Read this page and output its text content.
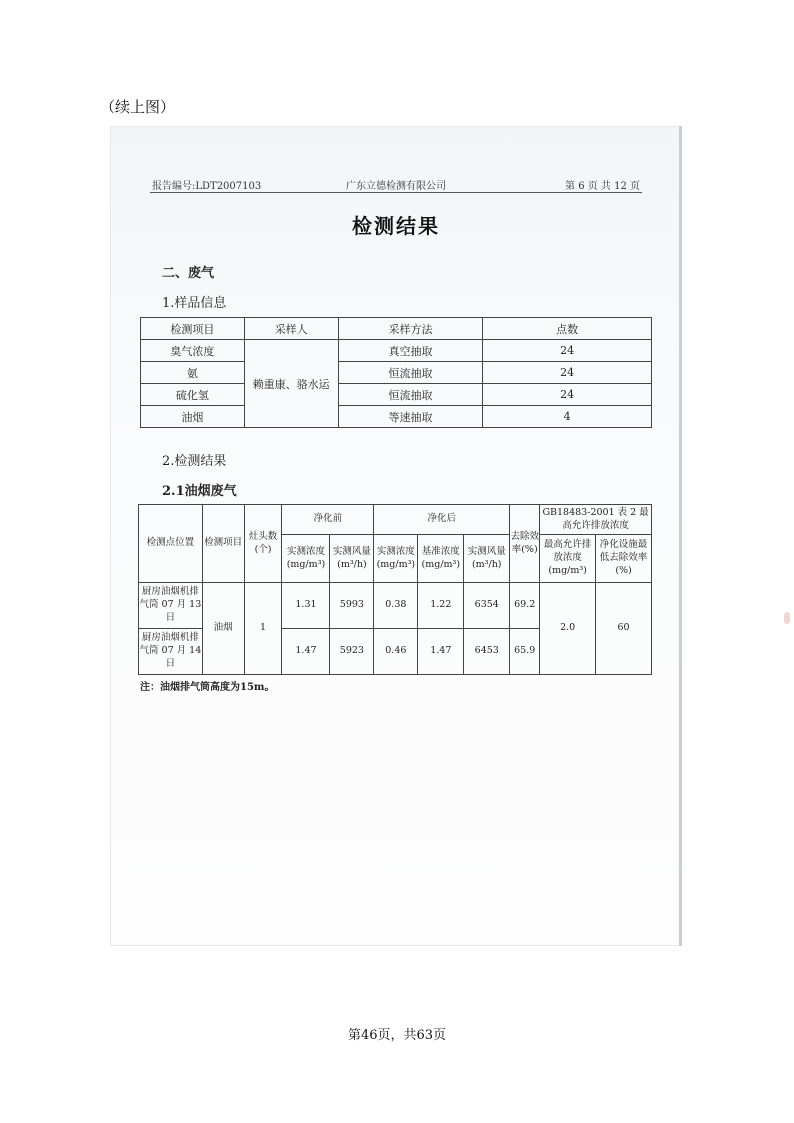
（续上图）
报告编号:LDT2007103	广东立德检测有限公司	第 6 页 共 12 页
检测结果
二、废气
1.样品信息
检测项目	采样人	采样方法	点数
臭气浓度	赖重康、骆水运	真空抽取	24
氨		恒流抽取	24
硫化氢		恒流抽取	24
油烟		等速抽取	4
2.检测结果
2.1油烟废气
检测点位置	检测项目	灶头数(个)	净化前		净化后			去除效率(%)	GB18483-2001 表 2 最高允许排放浓度	
			实测浓度(mg/m³)	实测风量(m³/h)	实测浓度(mg/m³)	基准浓度(mg/m³)	实测风量(m³/h)		最高允许排放浓度(mg/m³)	净化设施最低去除效率(%)
厨房油烟机排气筒 07 月 13 日	油烟	1	1.31	5993	0.38	1.22	6354	69.2	2.0	60
厨房油烟机排气筒 07 月 14 日			1.47	5923	0.46	1.47	6453	65.9		
注：油烟排气筒高度为15m。
第46页，共63页
